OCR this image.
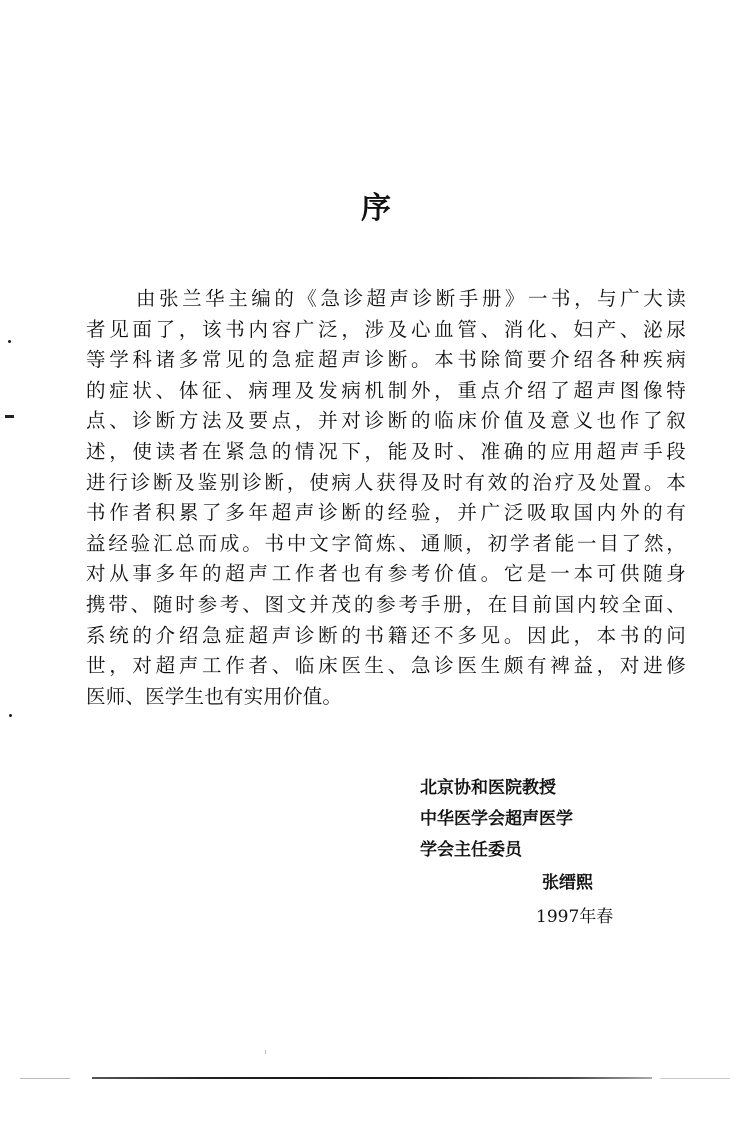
序
由张兰华主编的《急诊超声诊断手册》一书，与广大读
者见面了，该书内容广泛，涉及心血管、消化、妇产、泌尿
等学科诸多常见的急症超声诊断。本书除简要介绍各种疾病
的症状、体征、病理及发病机制外，重点介绍了超声图像特
点、诊断方法及要点，并对诊断的临床价值及意义也作了叙
述，使读者在紧急的情况下，能及时、准确的应用超声手段
进行诊断及鉴别诊断，使病人获得及时有效的治疗及处置。本
书作者积累了多年超声诊断的经验，并广泛吸取国内外的有
益经验汇总而成。书中文字简炼、通顺，初学者能一目了然，
对从事多年的超声工作者也有参考价值。它是一本可供随身
携带、随时参考、图文并茂的参考手册，在目前国内较全面、
系统的介绍急症超声诊断的书籍还不多见。因此，本书的问
世，对超声工作者、临床医生、急诊医生颇有裨益，对进修
医师、医学生也有实用价值。
北京协和医院教授
中华医学会超声医学
学会主任委员
张缙熙
1997年春
